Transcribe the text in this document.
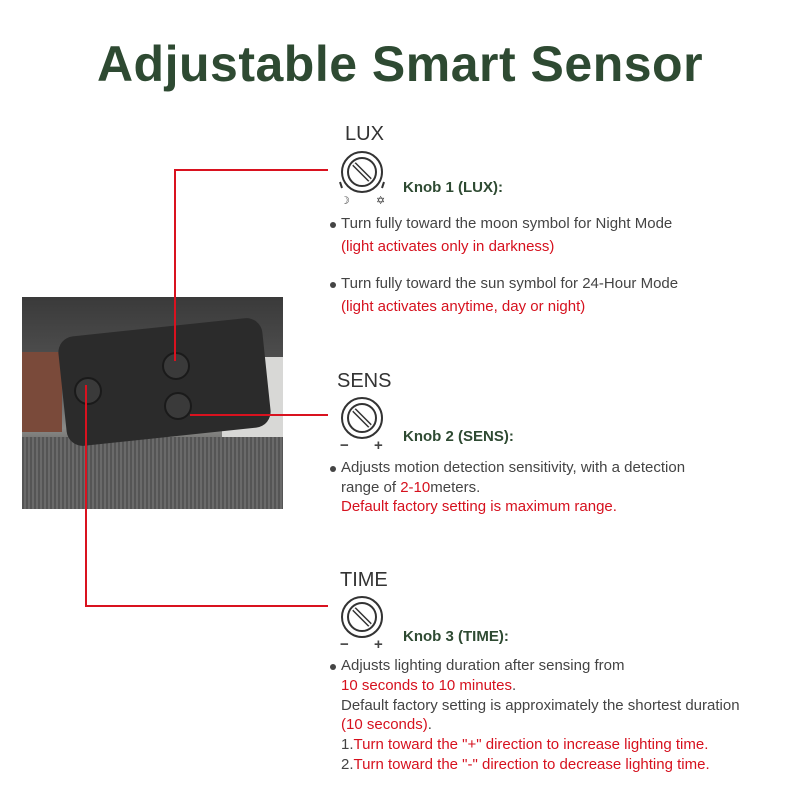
Adjustable Smart Sensor
LUX
☽ ✡
Knob 1 (LUX):
Turn fully toward the moon symbol for Night Mode
(light activates only in darkness)
Turn fully toward the sun symbol for 24-Hour Mode
(light activates anytime, day or night)
SENS
− +
Knob 2 (SENS):
Adjusts motion detection sensitivity, with a detection
range of 2-10meters.
Default factory setting is maximum range.
TIME
− + Knob 3 (TIME):
Adjusts lighting duration after sensing from
10 seconds to 10 minutes.
Default factory setting is approximately the shortest duration
(10 seconds).
1.Turn toward the "+" direction to increase lighting time.
2.Turn toward the "-" direction to decrease lighting time.
